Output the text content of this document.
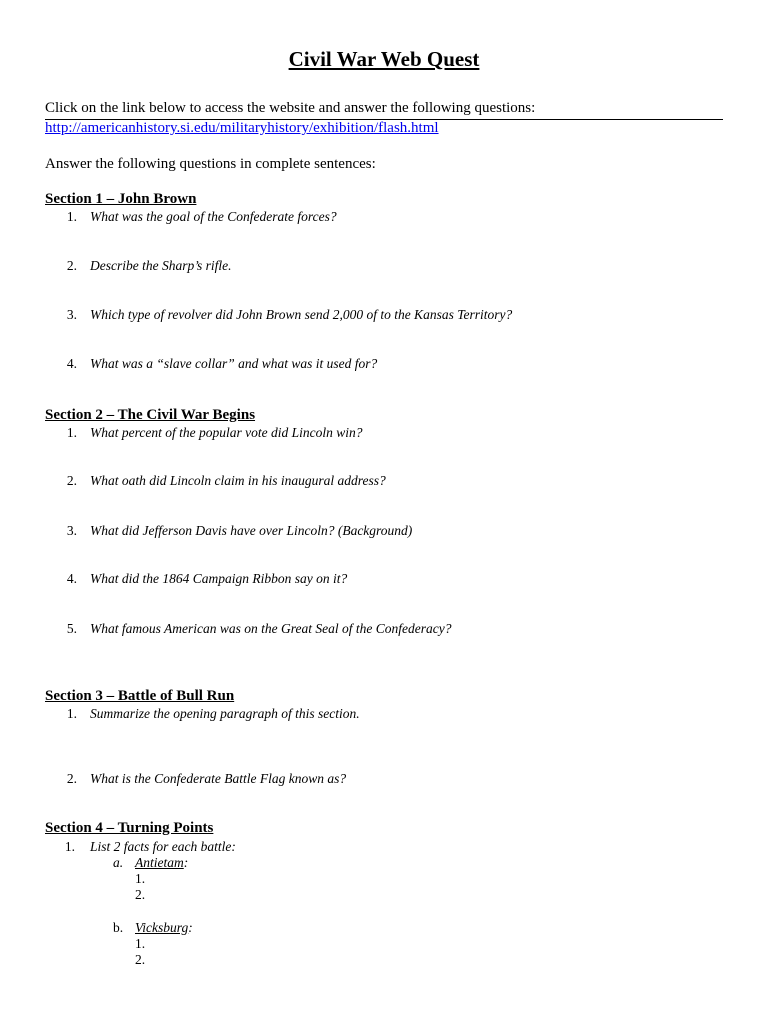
Civil War Web Quest
Click on the link below to access the website and answer the following questions:
http://americanhistory.si.edu/militaryhistory/exhibition/flash.html
Answer the following questions in complete sentences:
Section 1 – John Brown
1. What was the goal of the Confederate forces?
2. Describe the Sharp’s rifle.
3. Which type of revolver did John Brown send 2,000 of to the Kansas Territory?
4. What was a “slave collar” and what was it used for?
Section 2 – The Civil War Begins
1. What percent of the popular vote did Lincoln win?
2. What oath did Lincoln claim in his inaugural address?
3. What did Jefferson Davis have over Lincoln? (Background)
4. What did the 1864 Campaign Ribbon say on it?
5. What famous American was on the Great Seal of the Confederacy?
Section 3 – Battle of Bull Run
1. Summarize the opening paragraph of this section.
2. What is the Confederate Battle Flag known as?
Section 4 – Turning Points
1. List 2 facts for each battle:
a. Antietam:
1.
2.
b. Vicksburg:
1.
2.
